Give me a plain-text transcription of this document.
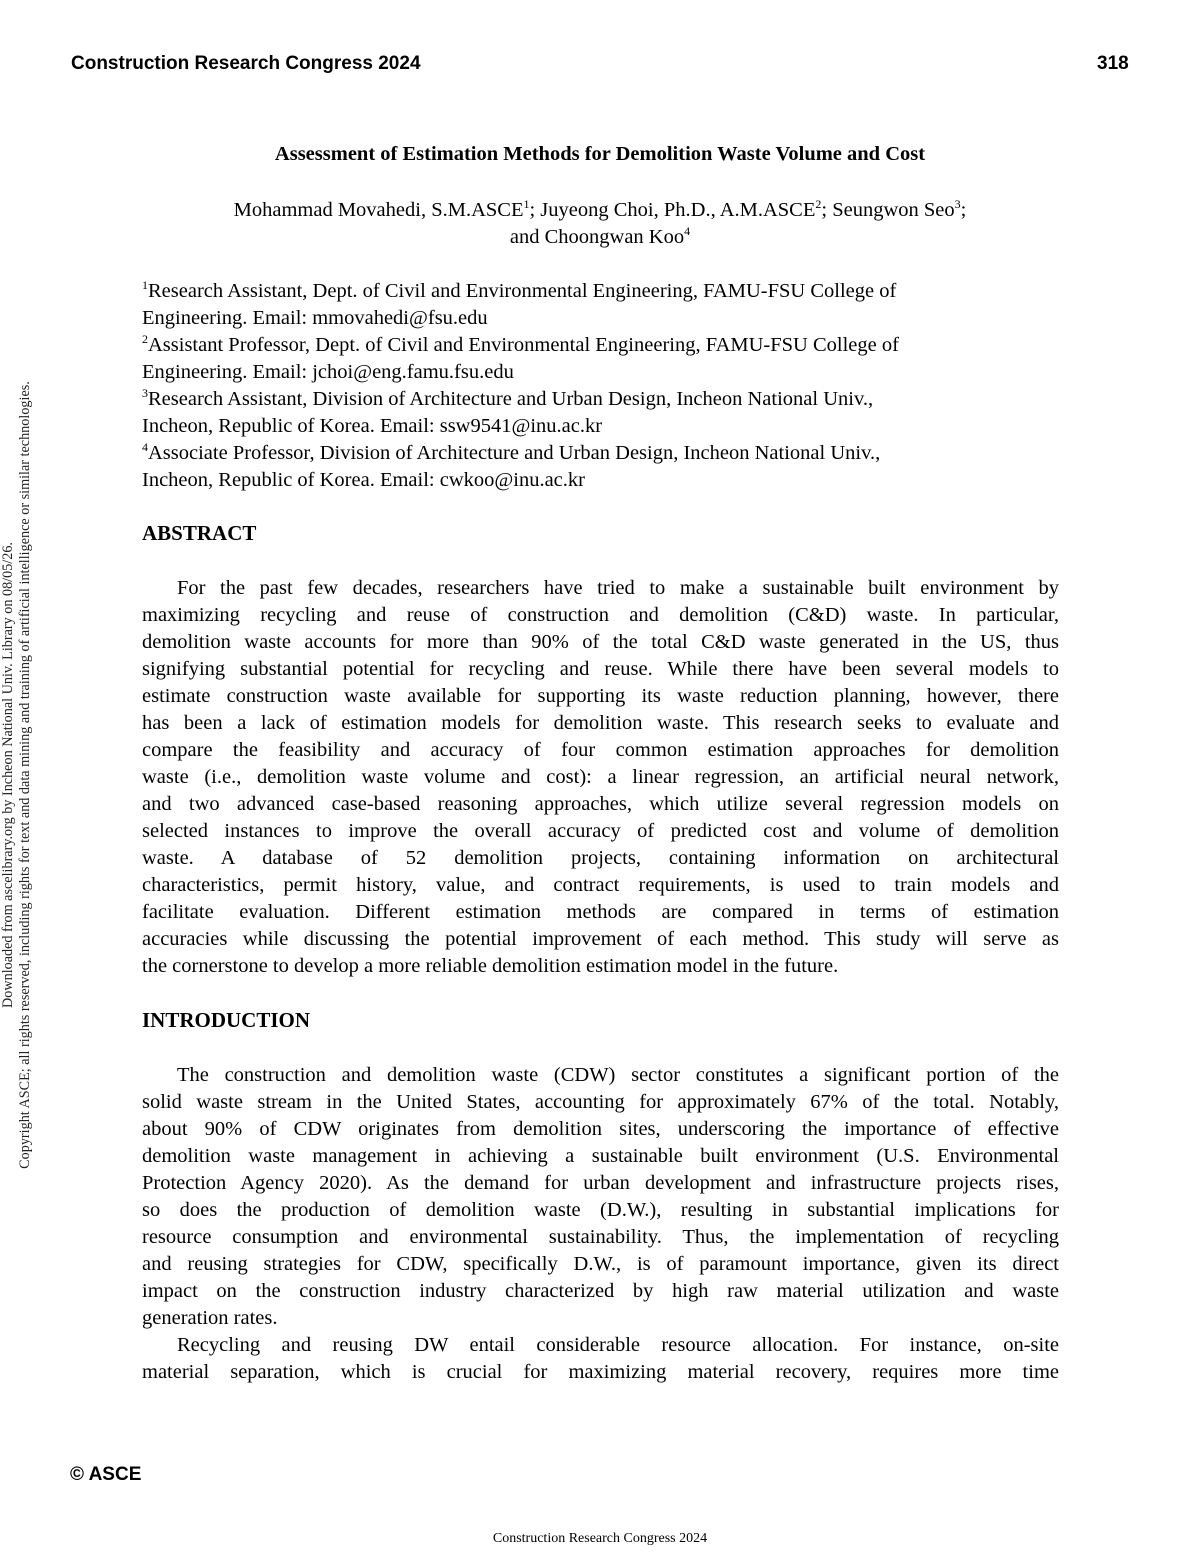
Construction Research Congress 2024	318
Downloaded from ascelibrary.org by Incheon National Univ. Library on 08/05/26. Copyright ASCE; all rights reserved, including rights for text and data mining and training of artificial intelligence or similar technologies.
Assessment of Estimation Methods for Demolition Waste Volume and Cost
Mohammad Movahedi, S.M.ASCE$^1$; Juyeong Choi, Ph.D., A.M.ASCE$^2$; Seungwon Seo$^3$;
and Choongwan Koo$^4$
$^1$Research Assistant, Dept. of Civil and Environmental Engineering, FAMU-FSU College of
Engineering. Email: mmovahedi@fsu.edu
$^2$Assistant Professor, Dept. of Civil and Environmental Engineering, FAMU-FSU College of
Engineering. Email: jchoi@eng.famu.fsu.edu
$^3$Research Assistant, Division of Architecture and Urban Design, Incheon National Univ.,
Incheon, Republic of Korea. Email: ssw9541@inu.ac.kr
$^4$Associate Professor, Division of Architecture and Urban Design, Incheon National Univ.,
Incheon, Republic of Korea. Email: cwkoo@inu.ac.kr
ABSTRACT
For the past few decades, researchers have tried to make a sustainable built environment by
maximizing recycling and reuse of construction and demolition (C&D) waste. In particular,
demolition waste accounts for more than 90% of the total C&D waste generated in the US, thus
signifying substantial potential for recycling and reuse. While there have been several models to
estimate construction waste available for supporting its waste reduction planning, however, there
has been a lack of estimation models for demolition waste. This research seeks to evaluate and
compare the feasibility and accuracy of four common estimation approaches for demolition
waste (i.e., demolition waste volume and cost): a linear regression, an artificial neural network,
and two advanced case-based reasoning approaches, which utilize several regression models on
selected instances to improve the overall accuracy of predicted cost and volume of demolition
waste. A database of 52 demolition projects, containing information on architectural
characteristics, permit history, value, and contract requirements, is used to train models and
facilitate evaluation. Different estimation methods are compared in terms of estimation
accuracies while discussing the potential improvement of each method. This study will serve as
the cornerstone to develop a more reliable demolition estimation model in the future.
INTRODUCTION
The construction and demolition waste (CDW) sector constitutes a significant portion of the
solid waste stream in the United States, accounting for approximately 67% of the total. Notably,
about 90% of CDW originates from demolition sites, underscoring the importance of effective
demolition waste management in achieving a sustainable built environment (U.S. Environmental
Protection Agency 2020). As the demand for urban development and infrastructure projects rises,
so does the production of demolition waste (D.W.), resulting in substantial implications for
resource consumption and environmental sustainability. Thus, the implementation of recycling
and reusing strategies for CDW, specifically D.W., is of paramount importance, given its direct
impact on the construction industry characterized by high raw material utilization and waste
generation rates.
Recycling and reusing DW entail considerable resource allocation. For instance, on-site
material separation, which is crucial for maximizing material recovery, requires more time
© ASCE
Construction Research Congress 2024
